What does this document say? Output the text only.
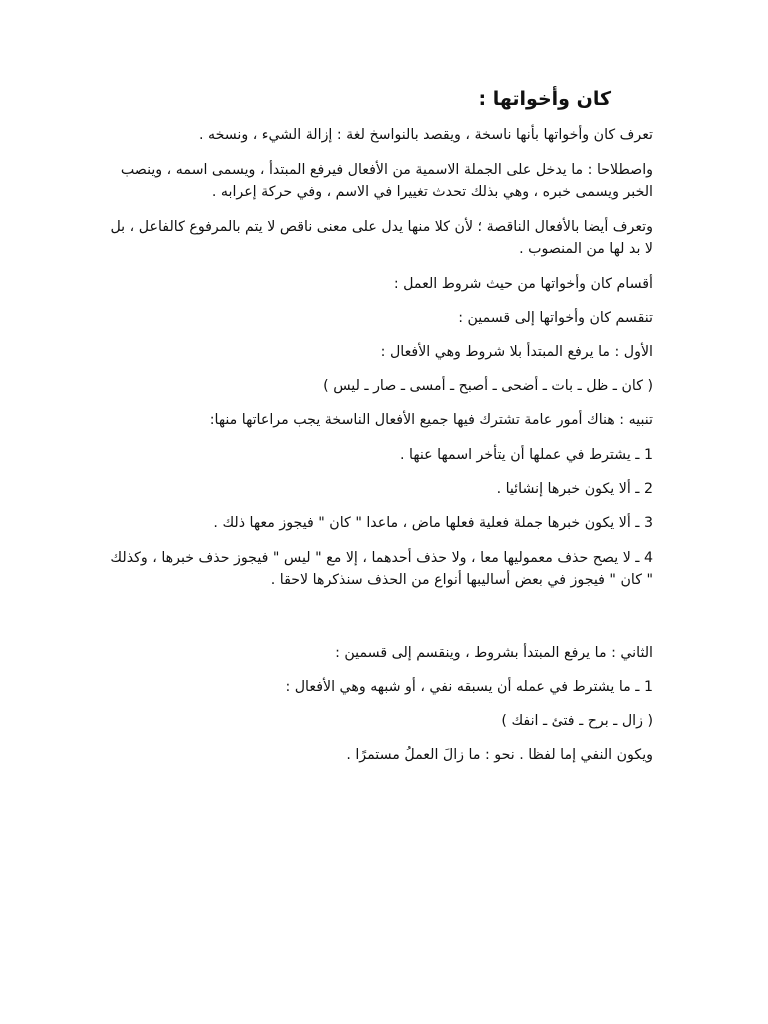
كان وأخواتها :

تعرف كان وأخواتها بأنها ناسخة ، ويقصد بالنواسخ لغة : إزالة الشيء ، ونسخه .

واصطلاحا : ما يدخل على الجملة الاسمية من الأفعال فيرفع المبتدأ ، ويسمى اسمه ، وينصب الخبر ويسمى خبره ، وهي بذلك تحدث تغييرا في الاسم ، وفي حركة إعرابه .

وتعرف أيضا بالأفعال الناقصة ؛ لأن كلا منها يدل على معنى ناقص لا يتم بالمرفوع كالفاعل ، بل لا بد لها من المنصوب .

أقسام كان وأخواتها من حيث شروط العمل :

تنقسم كان وأخواتها إلى قسمين :

الأول : ما يرفع المبتدأ بلا شروط وهي الأفعال :

( كان ـ ظل ـ بات ـ أضحى ـ أصبح ـ أمسى ـ صار ـ ليس )

تنبيه : هناك أمور عامة تشترك فيها جميع الأفعال الناسخة يجب مراعاتها منها:

1 ـ يشترط في عملها أن يتأخر اسمها عنها .

2 ـ ألا يكون خبرها إنشائيا .

3 ـ ألا يكون خبرها جملة فعلية فعلها ماض ، ماعدا " كان " فيجوز معها ذلك .

4 ـ لا يصح حذف معموليها معا ، ولا حذف أحدهما ، إلا مع " ليس " فيجوز حذف خبرها ، وكذلك " كان " فيجوز في بعض أساليبها أنواع من الحذف سنذكرها لاحقا .

الثاني : ما يرفع المبتدأ بشروط ، وينقسم إلى قسمين :

1 ـ ما يشترط في عمله أن يسبقه نفي ، أو شبهه وهي الأفعال :

( زال ـ برح ـ فتئ ـ انفك )

ويكون النفي إما لفظا . نحو : ما زالَ العملُ مستمرًا .
